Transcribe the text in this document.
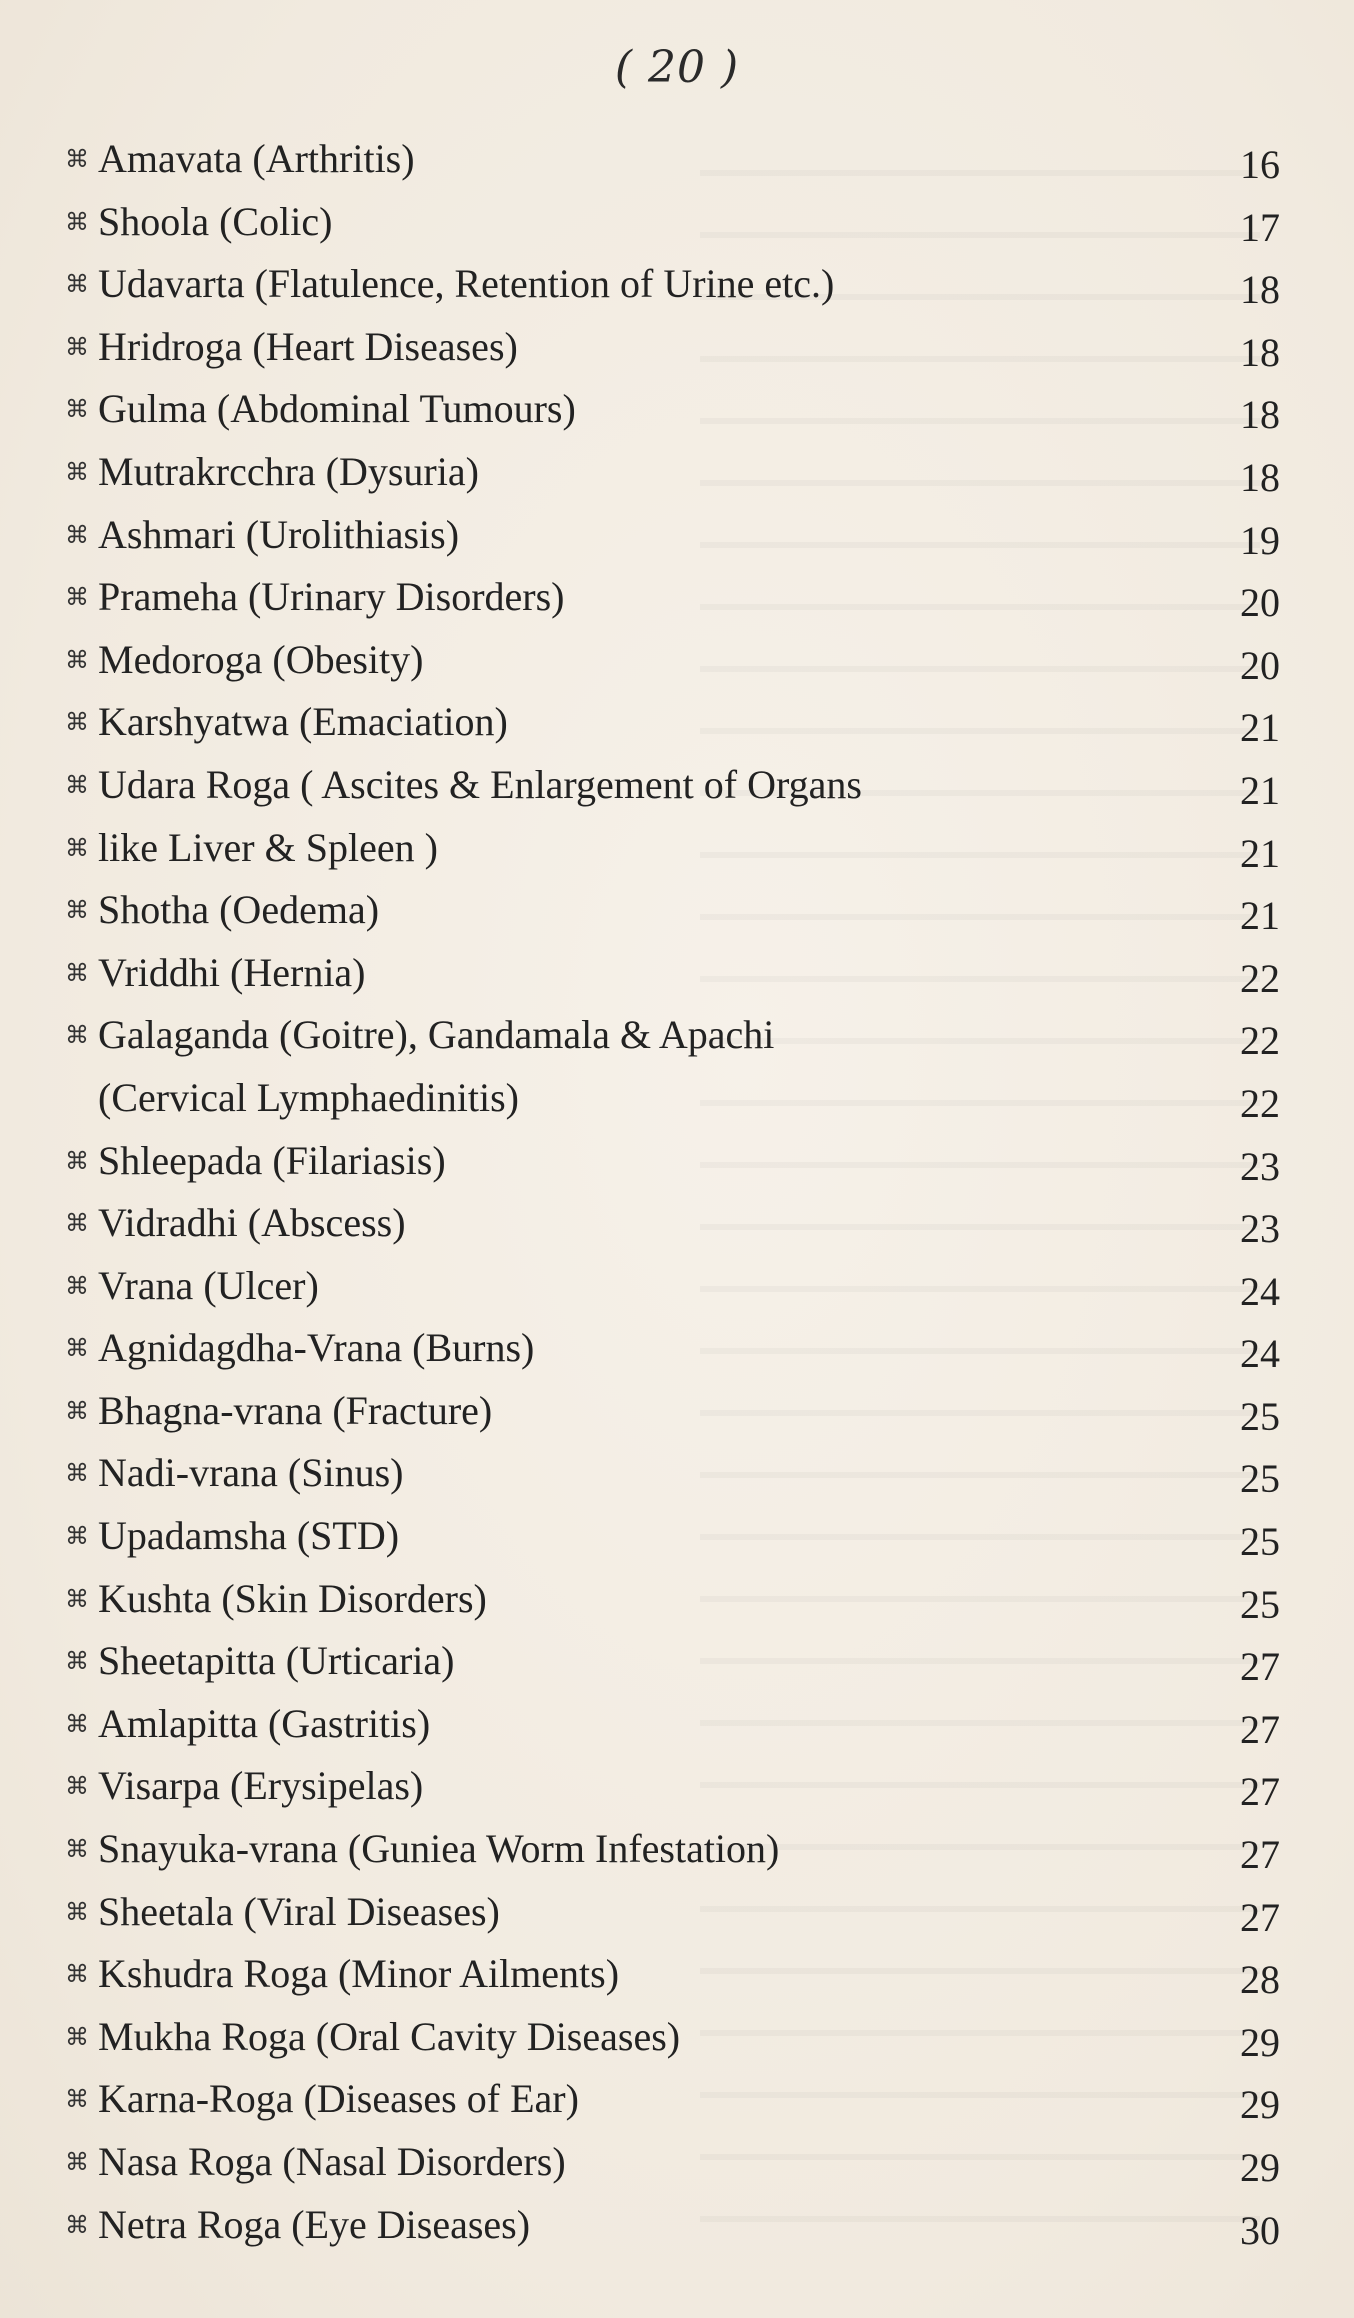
( 20 )
⌘ Amavata (Arthritis)	16
⌘ Shoola (Colic)	17
⌘ Udavarta (Flatulence, Retention of Urine etc.)	18
⌘ Hridroga (Heart Diseases)	18
⌘ Gulma (Abdominal Tumours)	18
⌘ Mutrakrcchra (Dysuria)	18
⌘ Ashmari (Urolithiasis)	19
⌘ Prameha (Urinary Disorders)	20
⌘ Medoroga (Obesity)	20
⌘ Karshyatwa (Emaciation)	21
⌘ Udara Roga ( Ascites & Enlargement of Organs	21
⌘ like Liver & Spleen )	21
⌘ Shotha (Oedema)	21
⌘ Vriddhi (Hernia)	22
⌘ Galaganda (Goitre), Gandamala & Apachi	22
(Cervical Lymphaedinitis)	22
⌘ Shleepada (Filariasis)	23
⌘ Vidradhi (Abscess)	23
⌘ Vrana (Ulcer)	24
⌘ Agnidagdha-Vrana (Burns)	24
⌘ Bhagna-vrana (Fracture)	25
⌘ Nadi-vrana (Sinus)	25
⌘ Upadamsha (STD)	25
⌘ Kushta (Skin Disorders)	25
⌘ Sheetapitta (Urticaria)	27
⌘ Amlapitta (Gastritis)	27
⌘ Visarpa (Erysipelas)	27
⌘ Snayuka-vrana (Guniea Worm Infestation)	27
⌘ Sheetala (Viral Diseases)	27
⌘ Kshudra Roga (Minor Ailments)	28
⌘ Mukha Roga (Oral Cavity Diseases)	29
⌘ Karna-Roga (Diseases of Ear)	29
⌘ Nasa Roga (Nasal Disorders)	29
⌘ Netra Roga (Eye Diseases)	30
